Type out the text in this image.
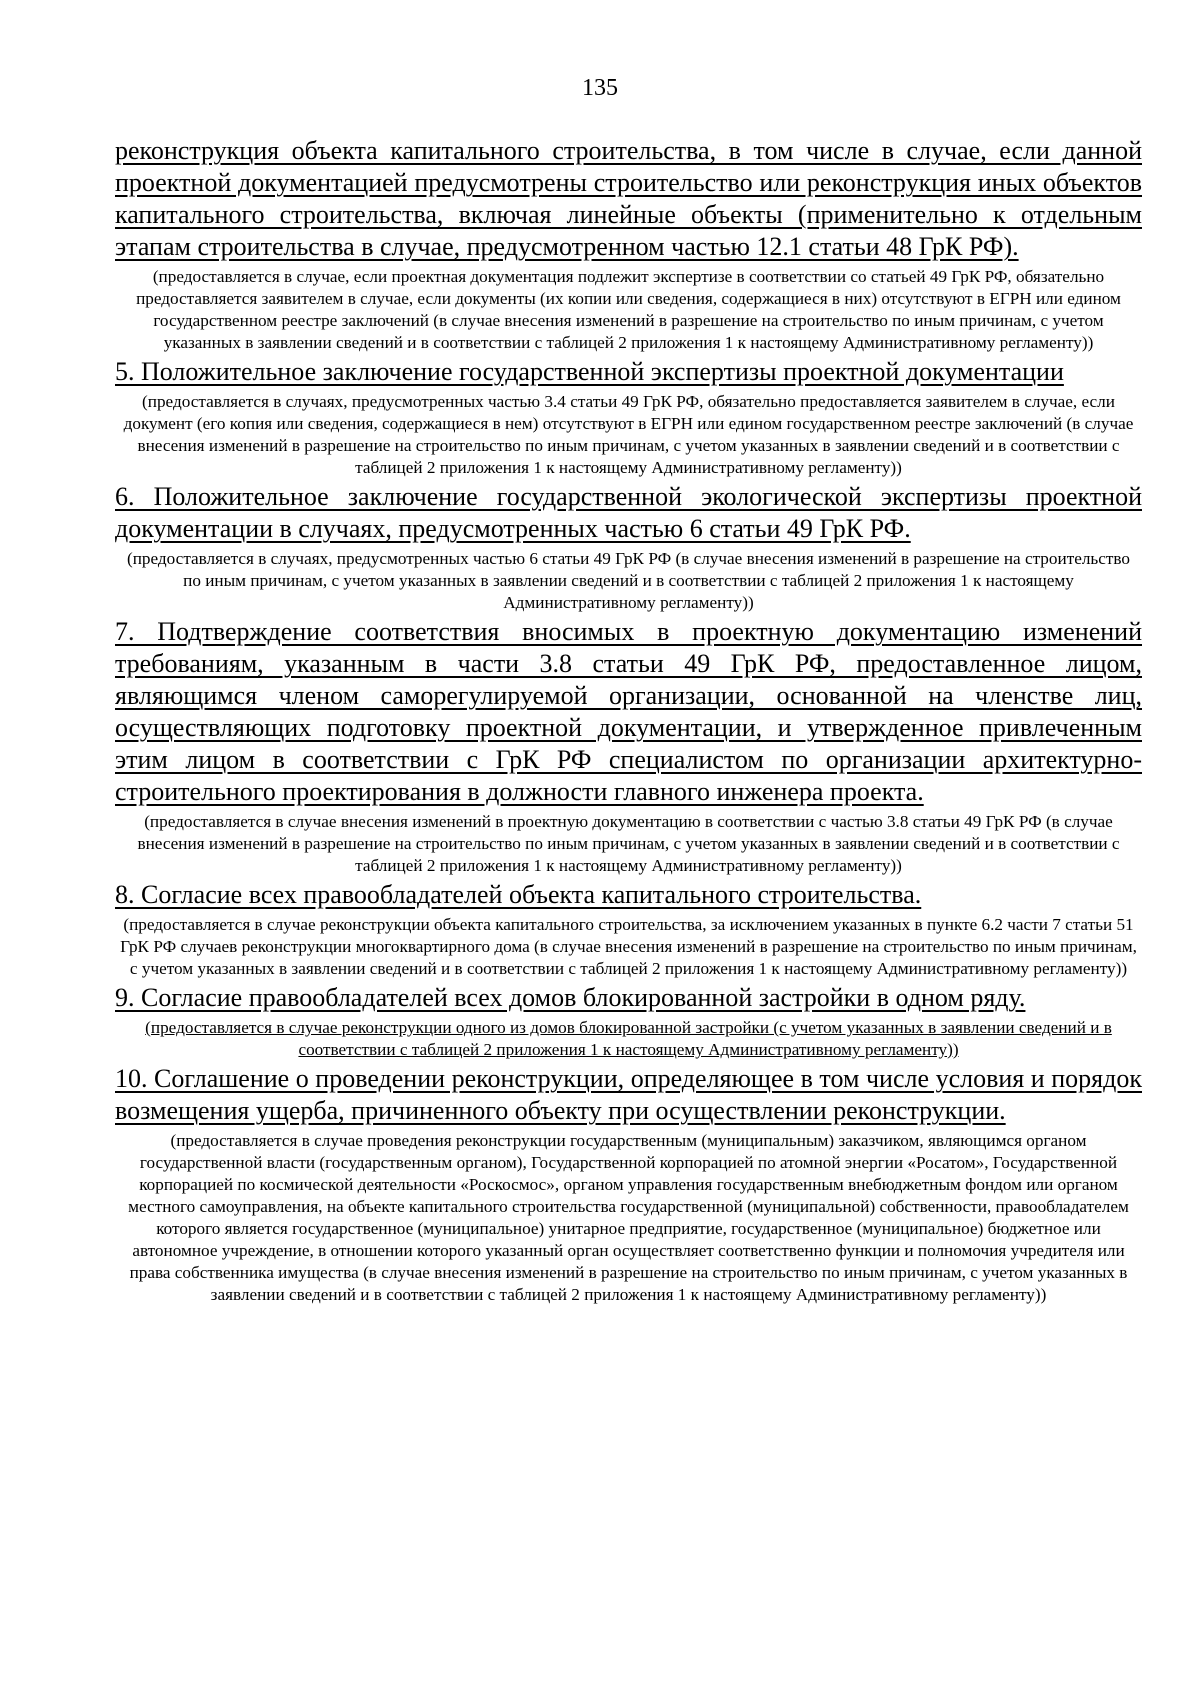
135

реконструкция объекта капитального строительства, в том числе в случае, если данной проектной документацией предусмотрены строительство или реконструкция иных объектов капитального строительства, включая линейные объекты (применительно к отдельным этапам строительства в случае, предусмотренном частью 12.1 статьи 48 ГрК РФ).

(предоставляется в случае, если проектная документация подлежит экспертизе в соответствии со статьей 49 ГрК РФ, обязательно предоставляется заявителем в случае, если документы (их копии или сведения, содержащиеся в них) отсутствуют в ЕГРН или едином государственном реестре заключений (в случае внесения изменений в разрешение на строительство по иным причинам, с учетом указанных в заявлении сведений и в соответствии с таблицей 2 приложения 1 к настоящему Административному регламенту))

5. Положительное заключение государственной экспертизы проектной документации

(предоставляется в случаях, предусмотренных частью 3.4 статьи 49 ГрК РФ, обязательно предоставляется заявителем в случае, если документ (его копия или сведения, содержащиеся в нем) отсутствуют в ЕГРН или едином государственном реестре заключений (в случае внесения изменений в разрешение на строительство по иным причинам, с учетом указанных в заявлении сведений и в соответствии с таблицей 2 приложения 1 к настоящему Административному регламенту))

6. Положительное заключение государственной экологической экспертизы проектной документации в случаях, предусмотренных частью 6 статьи 49 ГрК РФ.

(предоставляется в случаях, предусмотренных частью 6 статьи 49 ГрК РФ (в случае внесения изменений в разрешение на строительство по иным причинам, с учетом указанных в заявлении сведений и в соответствии с таблицей 2 приложения 1 к настоящему Административному регламенту))

7. Подтверждение соответствия вносимых в проектную документацию изменений требованиям, указанным в части 3.8 статьи 49 ГрК РФ, предоставленное лицом, являющимся членом саморегулируемой организации, основанной на членстве лиц, осуществляющих подготовку проектной документации, и утвержденное привлеченным этим лицом в соответствии с ГрК РФ специалистом по организации архитектурно-строительного проектирования в должности главного инженера проекта.

(предоставляется в случае внесения изменений в проектную документацию в соответствии с частью 3.8 статьи 49 ГрК РФ (в случае внесения изменений в разрешение на строительство по иным причинам, с учетом указанных в заявлении сведений и в соответствии с таблицей 2 приложения 1 к настоящему Административному регламенту))

8. Согласие всех правообладателей объекта капитального строительства.

(предоставляется в случае реконструкции объекта капитального строительства, за исключением указанных в пункте 6.2 части 7 статьи 51 ГрК РФ случаев реконструкции многоквартирного дома (в случае внесения изменений в разрешение на строительство по иным причинам, с учетом указанных в заявлении сведений и в соответствии с таблицей 2 приложения 1 к настоящему Административному регламенту))

9. Согласие правообладателей всех домов блокированной застройки в одном ряду.

(предоставляется в случае реконструкции одного из домов блокированной застройки (с учетом указанных в заявлении сведений и в соответствии с таблицей 2 приложения 1 к настоящему Административному регламенту))

10. Соглашение о проведении реконструкции, определяющее в том числе условия и порядок возмещения ущерба, причиненного объекту при осуществлении реконструкции.

(предоставляется в случае проведения реконструкции государственным (муниципальным) заказчиком, являющимся органом государственной власти (государственным органом), Государственной корпорацией по атомной энергии «Росатом», Государственной корпорацией по космической деятельности «Роскосмос», органом управления государственным внебюджетным фондом или органом местного самоуправления, на объекте капитального строительства государственной (муниципальной) собственности, правообладателем которого является государственное (муниципальное) унитарное предприятие, государственное (муниципальное) бюджетное или автономное учреждение, в отношении которого указанный орган осуществляет соответственно функции и полномочия учредителя или права собственника имущества (в случае внесения изменений в разрешение на строительство по иным причинам, с учетом указанных в заявлении сведений и в соответствии с таблицей 2 приложения 1 к настоящему Административному регламенту))
